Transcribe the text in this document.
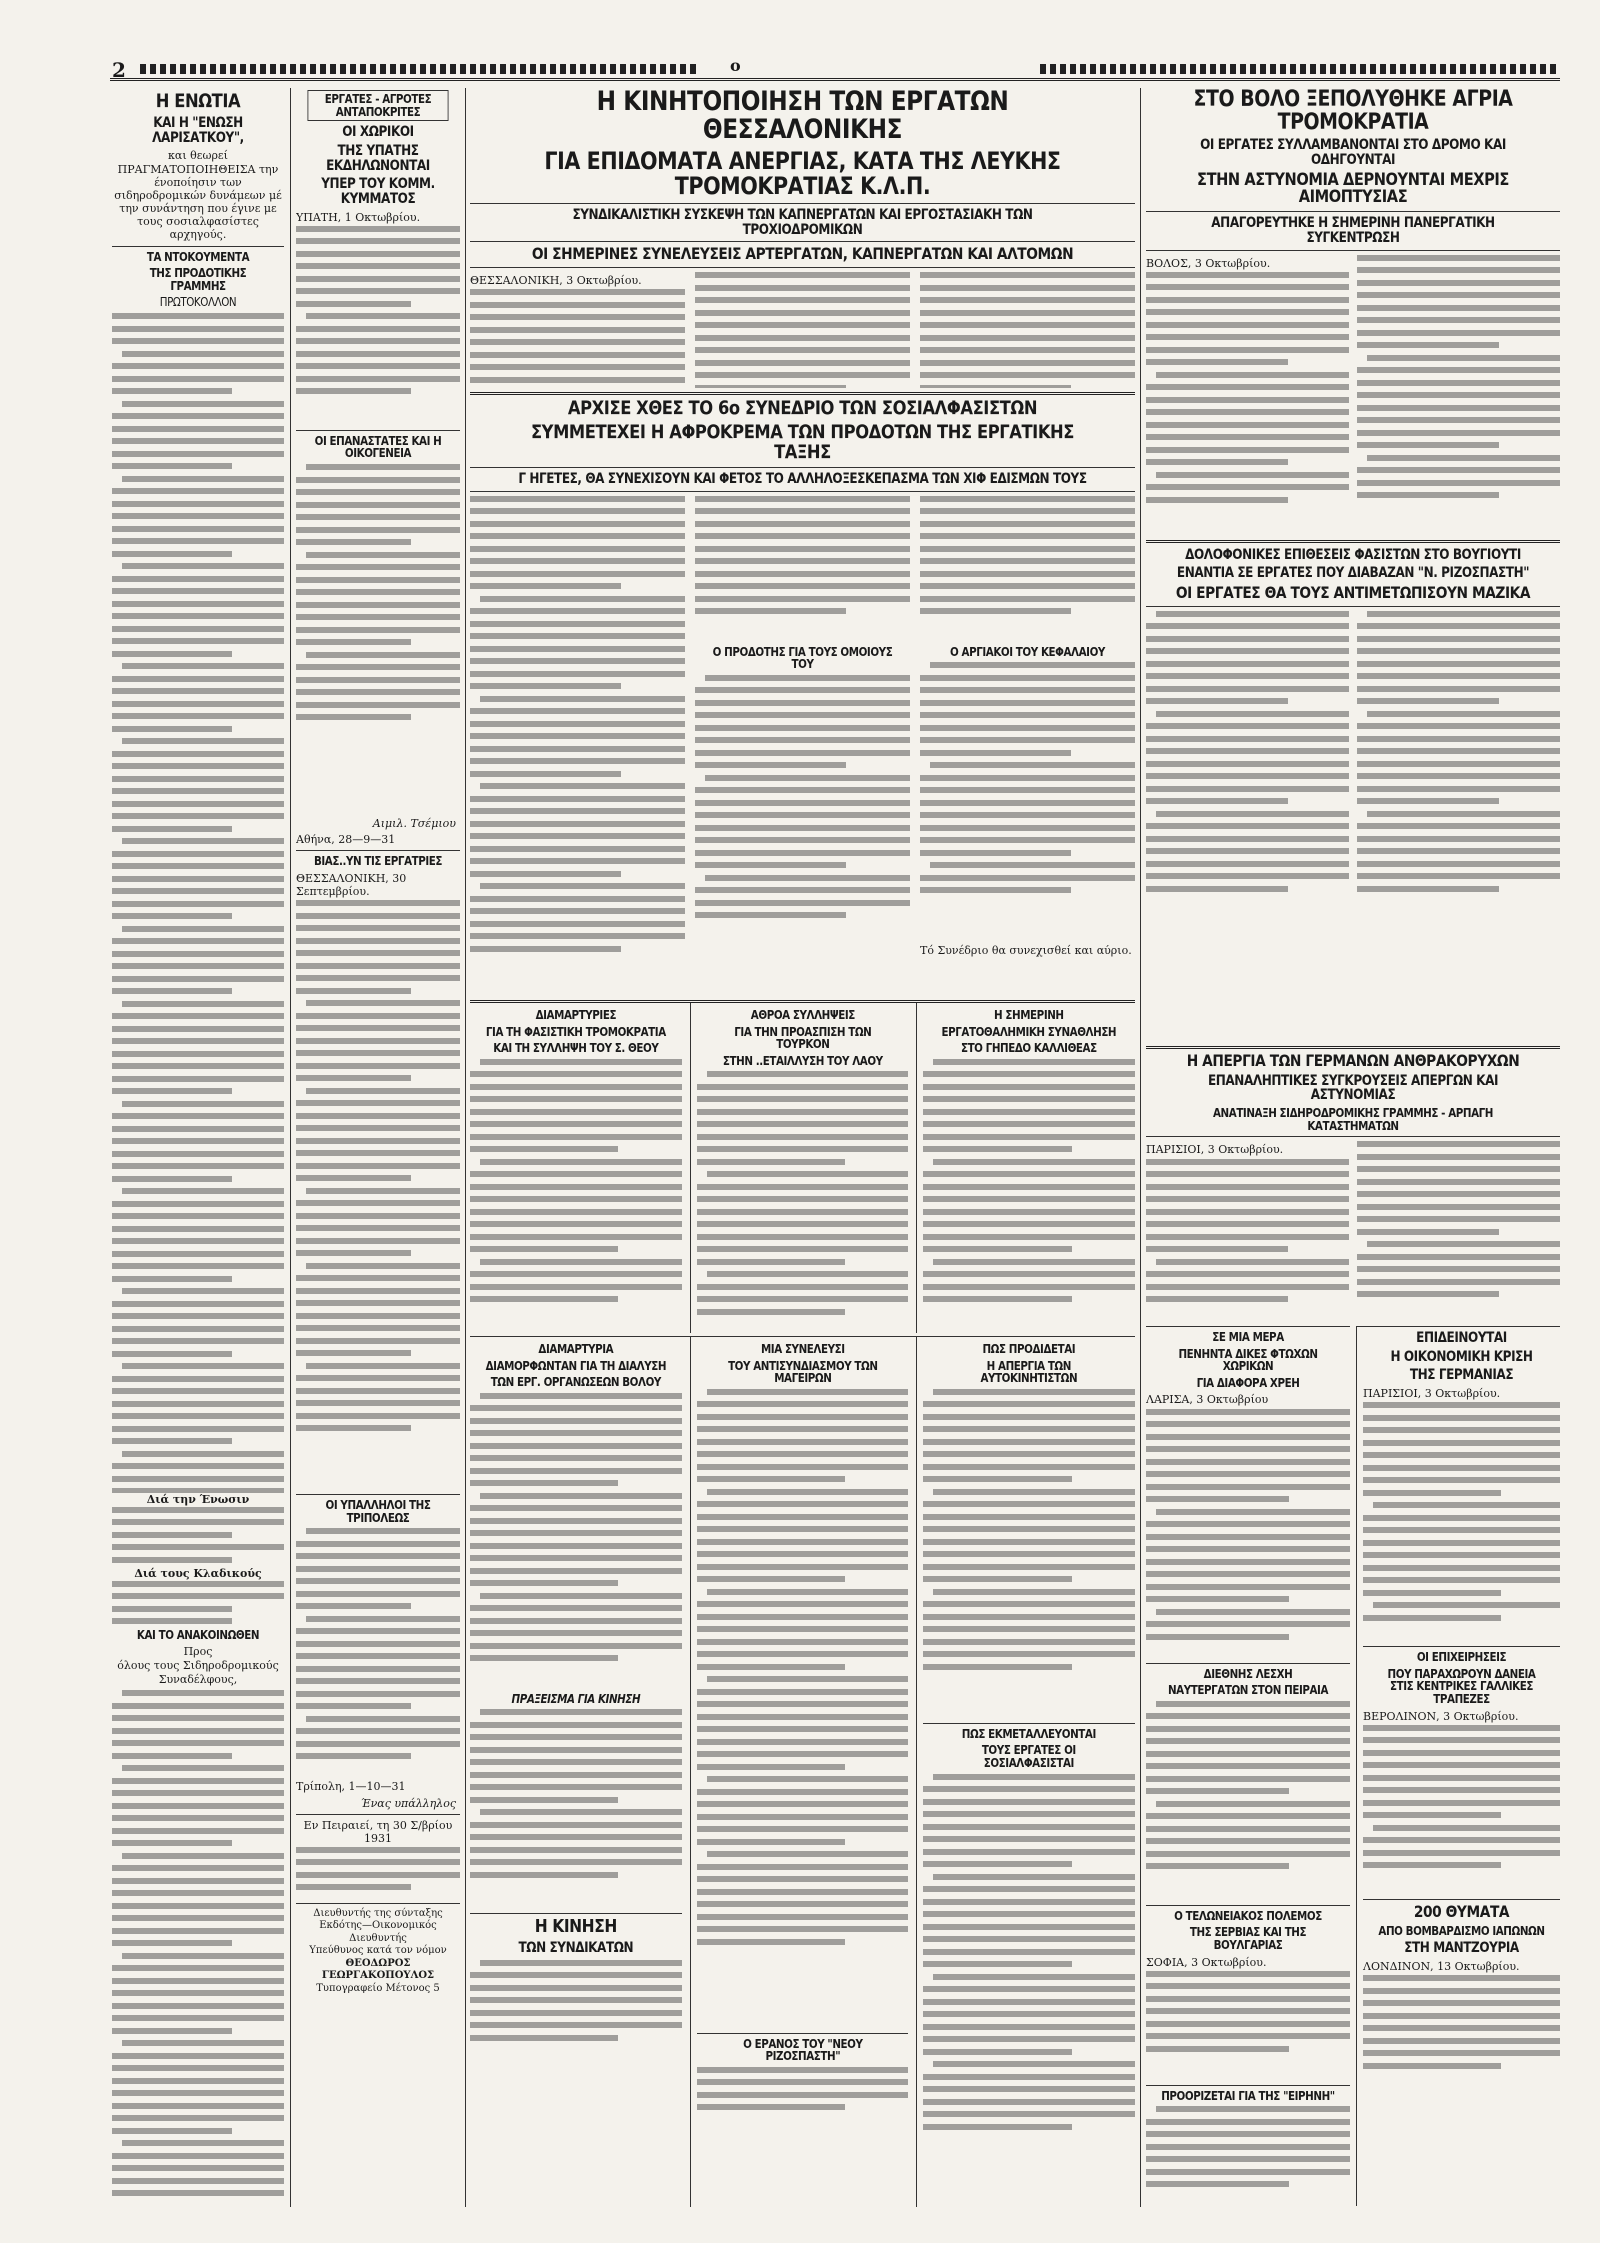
2	ο
Η ΕΝΩΤΙΑ
ΚΑΙ Η "ΕΝΩΣΗ ΛΑΡΙΣΑΤΚΟΥ",
και θεωρεί ΠΡΑΓΜΑΤΟΠΟΙΗΘΕΙΣΑ την ένοποίησιν των σιδηροδρομικών δυνάμεων μέ την συνάντηση που έγινε με τους σοσιαλφασίστες αρχηγούς.
ΤΑ ΝΤΟΚΟΥΜΕΝΤΑ
ΤΗΣ ΠΡΟΔΟΤΙΚΗΣ ΓΡΑΜΜΗΣ
ΠΡΩΤΟΚΟΛΛΟΝ
Διά την Ένωσιν
Διά τους Κλαδικούς
ΚΑΙ ΤΟ ΑΝΑΚΟΙΝΩΘΕΝ
Προς
όλους τους Σιδηροδρομικούς Συναδέλφους,
ΕΡΓΑΤΕΣ - ΑΓΡΟΤΕΣ ΑΝΤΑΠΟΚΡΙΤΕΣ
ΟΙ ΧΩΡΙΚΟΙ
ΤΗΣ ΥΠΑΤΗΣ ΕΚΔΗΛΩΝΟΝΤΑΙ
ΥΠΕΡ ΤΟΥ ΚΟΜΜ. ΚΥΜΜΑΤΟΣ
ΥΠΑΤΗ, 1 Οκτωβρίου.
ΟΙ ΕΠΑΝΑΣΤΑΤΕΣ ΚΑΙ Η ΟΙΚΟΓΕΝΕΙΑ
Αιμιλ. Τσέμιου
Αθήνα, 28—9—31
ΒΙΑΣ..ΥΝ ΤΙΣ ΕΡΓΑΤΡΙΕΣ
ΘΕΣΣΑΛΟΝΙΚΗ, 30 Σεπτεμβρίου.
ΟΙ ΥΠΑΛΛΗΛΟΙ ΤΗΣ ΤΡΙΠΟΛΕΩΣ
Τρίπολη, 1—10—31
Ένας υπάλληλος
Εν Πειραιεί, τη 30 Σ/βρίου 1931
Διευθυντής της σύνταξης
Εκδότης—Οικονομικός Διευθυντής
Υπεύθυνος κατά τον νόμον
ΘΕΟΔΩΡΟΣ ΓΕΩΡΓΑΚΟΠΟΥΛΟΣ
Τυπογραφείο Μέτονος 5
Η ΚΙΝΗΤΟΠΟΙΗΣΗ ΤΩΝ ΕΡΓΑΤΩΝ ΘΕΣΣΑΛΟΝΙΚΗΣ
ΓΙΑ ΕΠΙΔΟΜΑΤΑ ΑΝΕΡΓΙΑΣ, ΚΑΤΑ ΤΗΣ ΛΕΥΚΗΣ ΤΡΟΜΟΚΡΑΤΙΑΣ Κ.Λ.Π.
ΣΥΝΔΙΚΑΛΙΣΤΙΚΗ ΣΥΣΚΕΨΗ ΤΩΝ ΚΑΠΝΕΡΓΑΤΩΝ ΚΑΙ ΕΡΓΟΣΤΑΣΙΑΚΗ ΤΩΝ ΤΡΟΧΙΟΔΡΟΜΙΚΩΝ
ΟΙ ΣΗΜΕΡΙΝΕΣ ΣΥΝΕΛΕΥΣΕΙΣ ΑΡΤΕΡΓΑΤΩΝ, ΚΑΠΝΕΡΓΑΤΩΝ ΚΑΙ ΑΛΤΟΜΩΝ
ΘΕΣΣΑΛΟΝΙΚΗ, 3 Οκτωβρίου.
ΑΡΧΙΣΕ ΧΘΕΣ ΤΟ 6ο ΣΥΝΕΔΡΙΟ ΤΩΝ ΣΟΣΙΑΛΦΑΣΙΣΤΩΝ
ΣΥΜΜΕΤΕΧΕΙ Η ΑΦΡΟΚΡΕΜΑ ΤΩΝ ΠΡΟΔΟΤΩΝ ΤΗΣ ΕΡΓΑΤΙΚΗΣ ΤΑΞΗΣ
Γ ΗΓΕΤΕΣ, ΘΑ ΣΥΝΕΧΙΣΟΥΝ ΚΑΙ ΦΕΤΟΣ ΤΟ ΑΛΛΗΛΟΞΕΣΚΕΠΑΣΜΑ ΤΩΝ ΧΙΦ ΕΔΙΣΜΩΝ ΤΟΥΣ
Ο ΠΡΟΔΟΤΗΣ ΓΙΑ ΤΟΥΣ ΟΜΟΙΟΥΣ ΤΟΥ
Ο ΑΡΓΙΑΚΟΙ ΤΟΥ ΚΕΦΑΛΑΙΟΥ
Τό Συνέδριο θα συνεχισθεί και αύριο.
ΔΙΑΜΑΡΤΥΡΙΕΣ
ΓΙΑ ΤΗ ΦΑΣΙΣΤΙΚΗ ΤΡΟΜΟΚΡΑΤΙΑ
ΚΑΙ ΤΗ ΣΥΛΛΗΨΗ ΤΟΥ Σ. ΘΕΟΥ
ΑΘΡΟΑ ΣΥΛΛΗΨΕΙΣ
ΓΙΑ ΤΗΝ ΠΡΟΑΣΠΙΣΗ ΤΩΝ ΤΟΥΡΚΟΝ
ΣΤΗΝ ..ΕΤΑΙΛΛΥΣΗ ΤΟΥ ΛΑΟΥ
Η ΣΗΜΕΡΙΝΗ
ΕΡΓΑΤΟΘΑΛΗΜΙΚΗ ΣΥΝΑΘΛΗΣΗ
ΣΤΟ ΓΗΠΕΔΟ ΚΑΛΛΙΘΕΑΣ
ΔΙΑΜΑΡΤΥΡΙΑ
ΔΙΑΜΟΡΦΩΝΤΑΝ ΓΙΑ ΤΗ ΔΙΑΛΥΣΗ
ΤΩΝ ΕΡΓ. ΟΡΓΑΝΩΣΕΩΝ ΒΟΛΟΥ
ΠΡΑΞΕΙΣΜΑ ΓΙΑ ΚΙΝΗΣΗ
Η ΚΙΝΗΣΗ
ΤΩΝ ΣΥΝΔΙΚΑΤΩΝ
ΜΙΑ ΣΥΝΕΛΕΥΣΙ
ΤΟΥ ΑΝΤΙΣΥΝΔΙΑΣΜΟΥ ΤΩΝ ΜΑΓΕΙΡΩΝ
Ο ΕΡΑΝΟΣ ΤΟΥ "ΝΕΟΥ ΡΙΖΟΣΠΑΣΤΗ"
ΠΩΣ ΠΡΟΔΙΔΕΤΑΙ
Η ΑΠΕΡΓΙΑ ΤΩΝ ΑΥΤΟΚΙΝΗΤΙΣΤΩΝ
ΠΩΣ ΕΚΜΕΤΑΛΛΕΥΟΝΤΑΙ
ΤΟΥΣ ΕΡΓΑΤΕΣ ΟΙ ΣΟΣΙΑΛΦΑΣΙΣΤΑΙ
ΣΤΟ ΒΟΛΟ ΞΕΠΟΛΥΘΗΚΕ ΑΓΡΙΑ ΤΡΟΜΟΚΡΑΤΙΑ
ΟΙ ΕΡΓΑΤΕΣ ΣΥΛΛΑΜΒΑΝΟΝΤΑΙ ΣΤΟ ΔΡΟΜΟ ΚΑΙ ΟΔΗΓΟΥΝΤΑΙ
ΣΤΗΝ ΑΣΤΥΝΟΜΙΑ ΔΕΡΝΟΥΝΤΑΙ ΜΕΧΡΙΣ ΑΙΜΟΠΤΥΣΙΑΣ
ΑΠΑΓΟΡΕΥΤΗΚΕ Η ΣΗΜΕΡΙΝΗ ΠΑΝΕΡΓΑΤΙΚΗ ΣΥΓΚΕΝΤΡΩΣΗ
ΒΟΛΟΣ, 3 Οκτωβρίου.
ΔΟΛΟΦΟΝΙΚΕΣ ΕΠΙΘΕΣΕΙΣ ΦΑΣΙΣΤΩΝ ΣΤΟ ΒΟΥΓΙΟΥΤΙ
ΕΝΑΝΤΙΑ ΣΕ ΕΡΓΑΤΕΣ ΠΟΥ ΔΙΑΒΑΖΑΝ "Ν. ΡΙΖΟΣΠΑΣΤΗ"
ΟΙ ΕΡΓΑΤΕΣ ΘΑ ΤΟΥΣ ΑΝΤΙΜΕΤΩΠΙΣΟΥΝ ΜΑΖΙΚΑ
Η ΑΠΕΡΓΙΑ ΤΩΝ ΓΕΡΜΑΝΩΝ ΑΝΘΡΑΚΟΡΥΧΩΝ
ΕΠΑΝΑΛΗΠΤΙΚΕΣ ΣΥΓΚΡΟΥΣΕΙΣ ΑΠΕΡΓΩΝ ΚΑΙ ΑΣΤΥΝΟΜΙΑΣ
ΑΝΑΤΙΝΑΞΗ ΣΙΔΗΡΟΔΡΟΜΙΚΗΣ ΓΡΑΜΜΗΣ - ΑΡΠΑΓΗ ΚΑΤΑΣΤΗΜΑΤΩΝ
ΠΑΡΙΣΙΟΙ, 3 Οκτωβρίου.
ΣΕ ΜΙΑ ΜΕΡΑ
ΠΕΝΗΝΤΑ ΔΙΚΕΣ ΦΤΩΧΩΝ ΧΩΡΙΚΩΝ
ΓΙΑ ΔΙΑΦΟΡΑ ΧΡΕΗ
ΛΑΡΙΣΑ, 3 Οκτωβρίου
ΔΙΕΘΝΗΣ ΛΕΣΧΗ
ΝΑΥΤΕΡΓΑΤΩΝ ΣΤΟΝ ΠΕΙΡΑΙΑ
Ο ΤΕΛΩΝΕΙΑΚΟΣ ΠΟΛΕΜΟΣ
ΤΗΣ ΣΕΡΒΙΑΣ ΚΑΙ ΤΗΣ ΒΟΥΛΓΑΡΙΑΣ
ΣΟΦΙΑ, 3 Οκτωβρίου.
ΠΡΟΟΡΙΖΕΤΑΙ ΓΙΑ ΤΗΣ "ΕΙΡΗΝΗ"
ΕΠΙΔΕΙΝΟΥΤΑΙ
Η ΟΙΚΟΝΟΜΙΚΗ ΚΡΙΣΗ
ΤΗΣ ΓΕΡΜΑΝΙΑΣ
ΠΑΡΙΣΙΟΙ, 3 Οκτωβρίου.
ΟΙ ΕΠΙΧΕΙΡΗΣΕΙΣ
ΠΟΥ ΠΑΡΑΧΩΡΟΥΝ ΔΑΝΕΙΑ ΣΤΙΣ ΚΕΝΤΡΙΚΕΣ ΓΑΛΛΙΚΕΣ ΤΡΑΠΕΖΕΣ
ΒΕΡΟΛΙΝΟΝ, 3 Οκτωβρίου.
200 ΘΥΜΑΤΑ
ΑΠΟ ΒΟΜΒΑΡΔΙΣΜΟ ΙΑΠΩΝΩΝ
ΣΤΗ ΜΑΝΤΖΟΥΡΙΑ
ΛΟΝΔΙΝΟΝ, 13 Οκτωβρίου.
